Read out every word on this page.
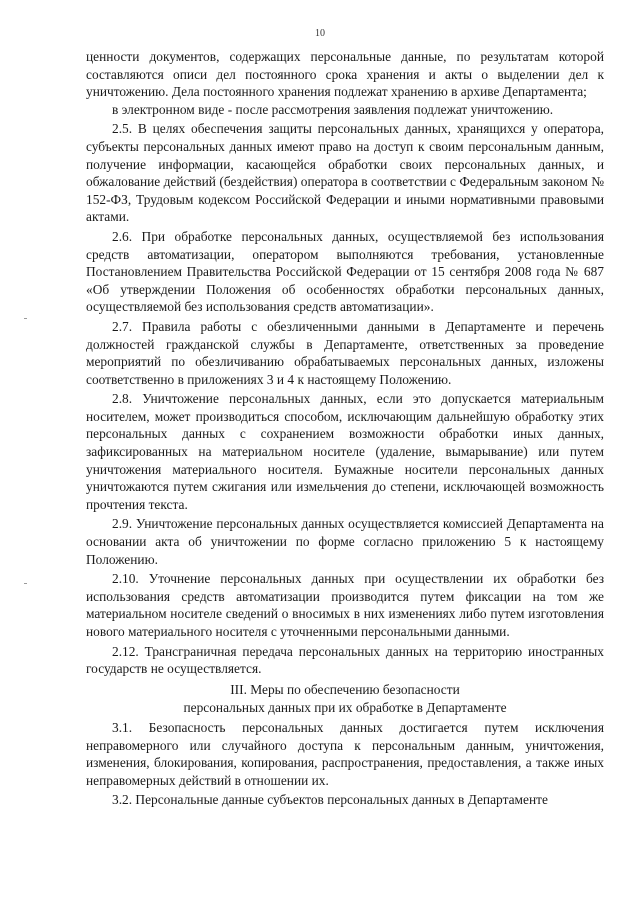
10

ценности документов, содержащих персональные данные, по результатам которой составляются описи дел постоянного срока хранения и акты о выделении дел к уничтожению. Дела постоянного хранения подлежат хранению в архиве Департамента;

в электронном виде - после рассмотрения заявления подлежат уничтожению.

2.5. В целях обеспечения защиты персональных данных, хранящихся у оператора, субъекты персональных данных имеют право на доступ к своим персональным данным, получение информации, касающейся обработки своих персональных данных, и обжалование действий (бездействия) оператора в соответствии с Федеральным законом № 152-ФЗ, Трудовым кодексом Российской Федерации и иными нормативными правовыми актами.

2.6. При обработке персональных данных, осуществляемой без использования средств автоматизации, оператором выполняются требования, установленные Постановлением Правительства Российской Федерации от 15 сентября 2008 года № 687 «Об утверждении Положения об особенностях обработки персональных данных, осуществляемой без использования средств автоматизации».

2.7. Правила работы с обезличенными данными в Департаменте и перечень должностей гражданской службы в Департаменте, ответственных за проведение мероприятий по обезличиванию обрабатываемых персональных данных, изложены соответственно в приложениях 3 и 4 к настоящему Положению.

2.8. Уничтожение персональных данных, если это допускается материальным носителем, может производиться способом, исключающим дальнейшую обработку этих персональных данных с сохранением возможности обработки иных данных, зафиксированных на материальном носителе (удаление, вымарывание) или путем уничтожения материального носителя. Бумажные носители персональных данных уничтожаются путем сжигания или измельчения до степени, исключающей возможность прочтения текста.

2.9. Уничтожение персональных данных осуществляется комиссией Департамента на основании акта об уничтожении по форме согласно приложению 5 к настоящему Положению.

2.10. Уточнение персональных данных при осуществлении их обработки без использования средств автоматизации производится путем фиксации на том же материальном носителе сведений о вносимых в них изменениях либо путем изготовления нового материального носителя с уточненными персональными данными.

2.12. Трансграничная передача персональных данных на территорию иностранных государств не осуществляется.

III. Меры по обеспечению безопасности

персональных данных при их обработке в Департаменте

3.1. Безопасность персональных данных достигается путем исключения неправомерного или случайного доступа к персональным данным, уничтожения, изменения, блокирования, копирования, распространения, предоставления, а также иных неправомерных действий в отношении их.

3.2. Персональные данные субъектов персональных данных в Департаменте
